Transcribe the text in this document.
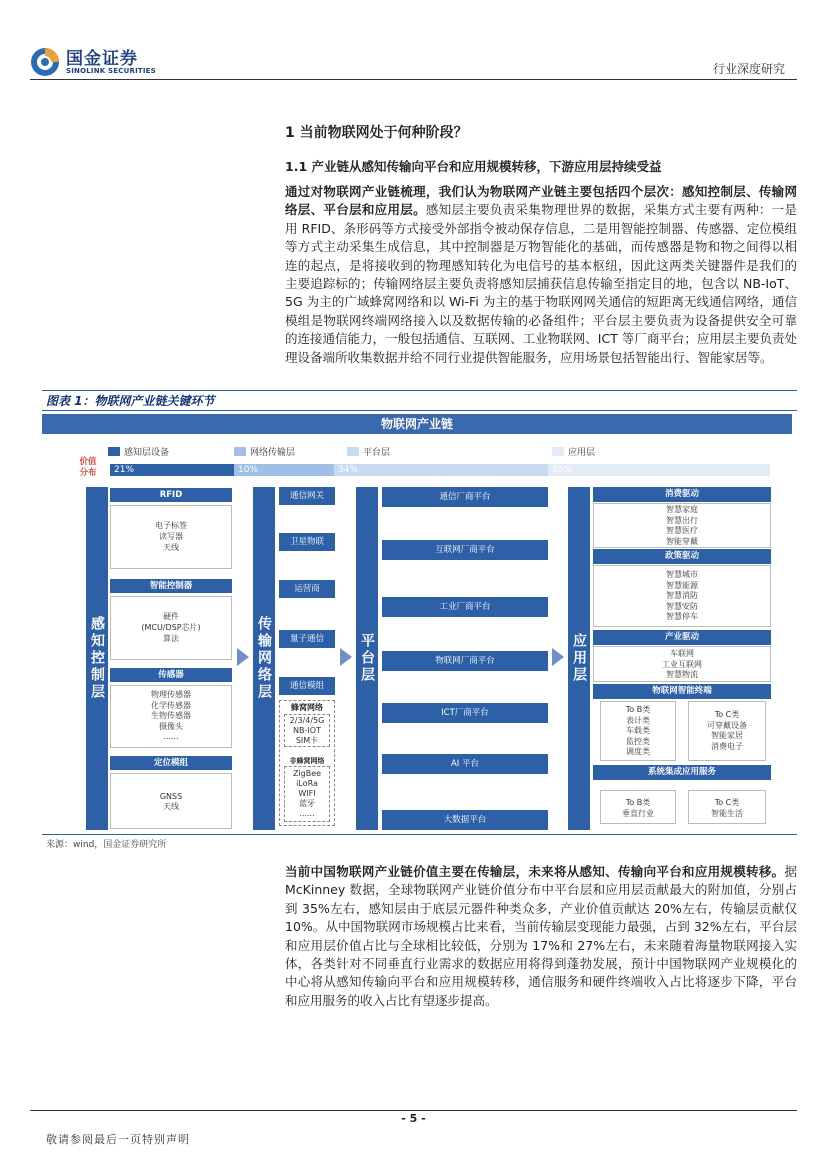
国金证券
SINOLINK SECURITIES	行业深度研究
1 当前物联网处于何种阶段？
1.1 产业链从感知传输向平台和应用规模转移，下游应用层持续受益
通过对物联网产业链梳理，我们认为物联网产业链主要包括四个层次：感知控制层、传输网络层、平台层和应用层。感知层主要负责采集物理世界的数据，采集方式主要有两种：一是用 RFID、条形码等方式接受外部指令被动保存信息，二是用智能控制器、传感器、定位模组等方式主动采集生成信息，其中控制器是万物智能化的基础，而传感器是物和物之间得以相连的起点，是将接收到的物理感知转化为电信号的基本枢纽，因此这两类关键器件是我们的主要追踪标的；传输网络层主要负责将感知层捕获信息传输至指定目的地，包含以 NB-IoT、5G 为主的广域蜂窝网络和以 Wi-Fi 为主的基于物联网网关通信的短距离无线通信网络，通信模组是物联网终端网络接入以及数据传输的必备组件；平台层主要负责为设备提供安全可靠的连接通信能力，一般包括通信、互联网、工业物联网、ICT 等厂商平台；应用层主要负责处理设备端所收集数据并给不同行业提供智能服务，应用场景包括智能出行、智能家居等。
图表 1：物联网产业链关键环节
物联网产业链
感知层设备	网络传输层	平台层	应用层
价值分布	21%	10%	34%	35%
感知控制层
RFID
电子标签
读写器
天线
智能控制器
硬件
(MCU/DSP芯片)
算法
传感器
物理传感器
化学传感器
生物传感器
摄像头
......
定位模组
GNSS
天线
传输网络层
通信网关
卫星物联
运营商
量子通信
通信模组
蜂窝网络
2/3/4/5G
NB-IOT
SIM卡
非蜂窝网络
ZigBee
iLoRa
WIFI
蓝牙
......
平台层
通信厂商平台
互联网厂商平台
工业厂商平台
物联网厂商平台
ICT厂商平台
AI 平台
大数据平台
应用层
消费驱动
智慧家庭
智慧出行
智慧医疗
智能穿戴
政策驱动
智慧城市
智慧能源
智慧消防
智慧安防
智慧停车
产业驱动
车联网
工业互联网
智慧物流
物联网智能终端
To B类
表计类
车载类
监控类
调度类
To C类
可穿戴设备
智能家居
消费电子
系统集成应用服务
To B类
垂直行业
To C类
智能生活
来源：wind，国金证券研究所
当前中国物联网产业链价值主要在传输层，未来将从感知、传输向平台和应用规模转移。据 McKinney 数据，全球物联网产业链价值分布中平台层和应用层贡献最大的附加值，分别占到 35%左右，感知层由于底层元器件种类众多，产业价值贡献达 20%左右，传输层贡献仅 10%。从中国物联网市场规模占比来看，当前传输层变现能力最强，占到 32%左右，平台层和应用层价值占比与全球相比较低，分别为 17%和 27%左右，未来随着海量物联网接入实体，各类针对不同垂直行业需求的数据应用将得到蓬勃发展，预计中国物联网产业规模化的中心将从感知传输向平台和应用规模转移，通信服务和硬件终端收入占比将逐步下降，平台和应用服务的收入占比有望逐步提高。
- 5 -
敬请参阅最后一页特别声明
